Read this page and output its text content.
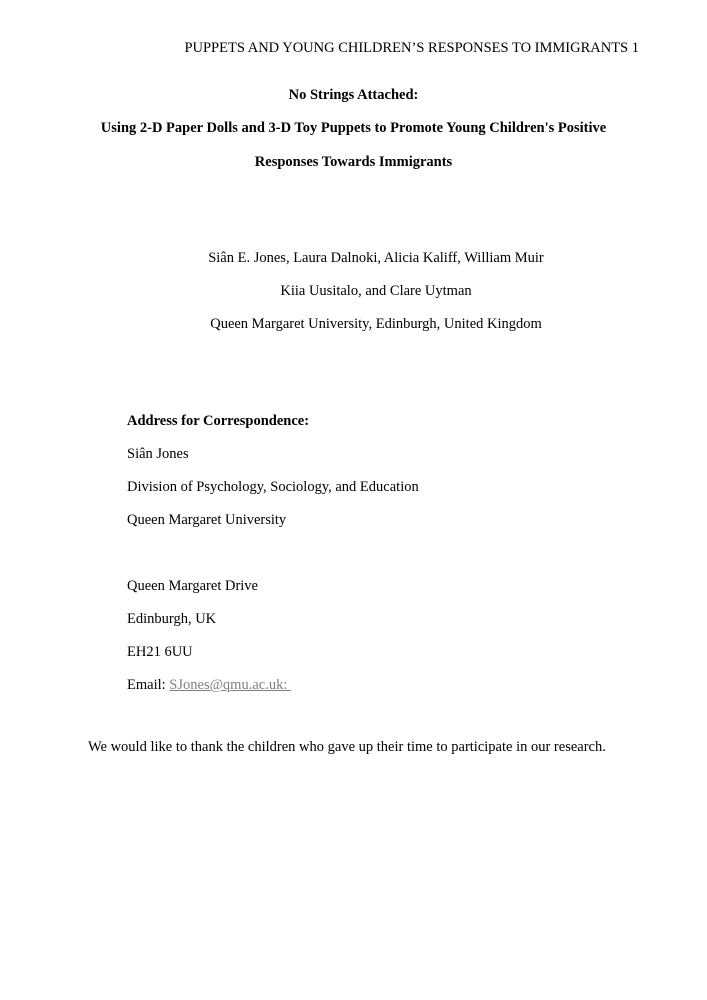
PUPPETS AND YOUNG CHILDREN’S RESPONSES TO IMMIGRANTS 1
No Strings Attached:
Using 2-D Paper Dolls and 3-D Toy Puppets to Promote Young Children's Positive
Responses Towards Immigrants
Siân E. Jones, Laura Dalnoki, Alicia Kaliff, William Muir
Kiia Uusitalo, and Clare Uytman
Queen Margaret University, Edinburgh, United Kingdom
Address for Correspondence:
Siân Jones
Division of Psychology, Sociology, and Education
Queen Margaret University
Queen Margaret Drive
Edinburgh, UK
EH21 6UU
Email: SJones@qmu.ac.uk:
We would like to thank the children who gave up their time to participate in our research.
